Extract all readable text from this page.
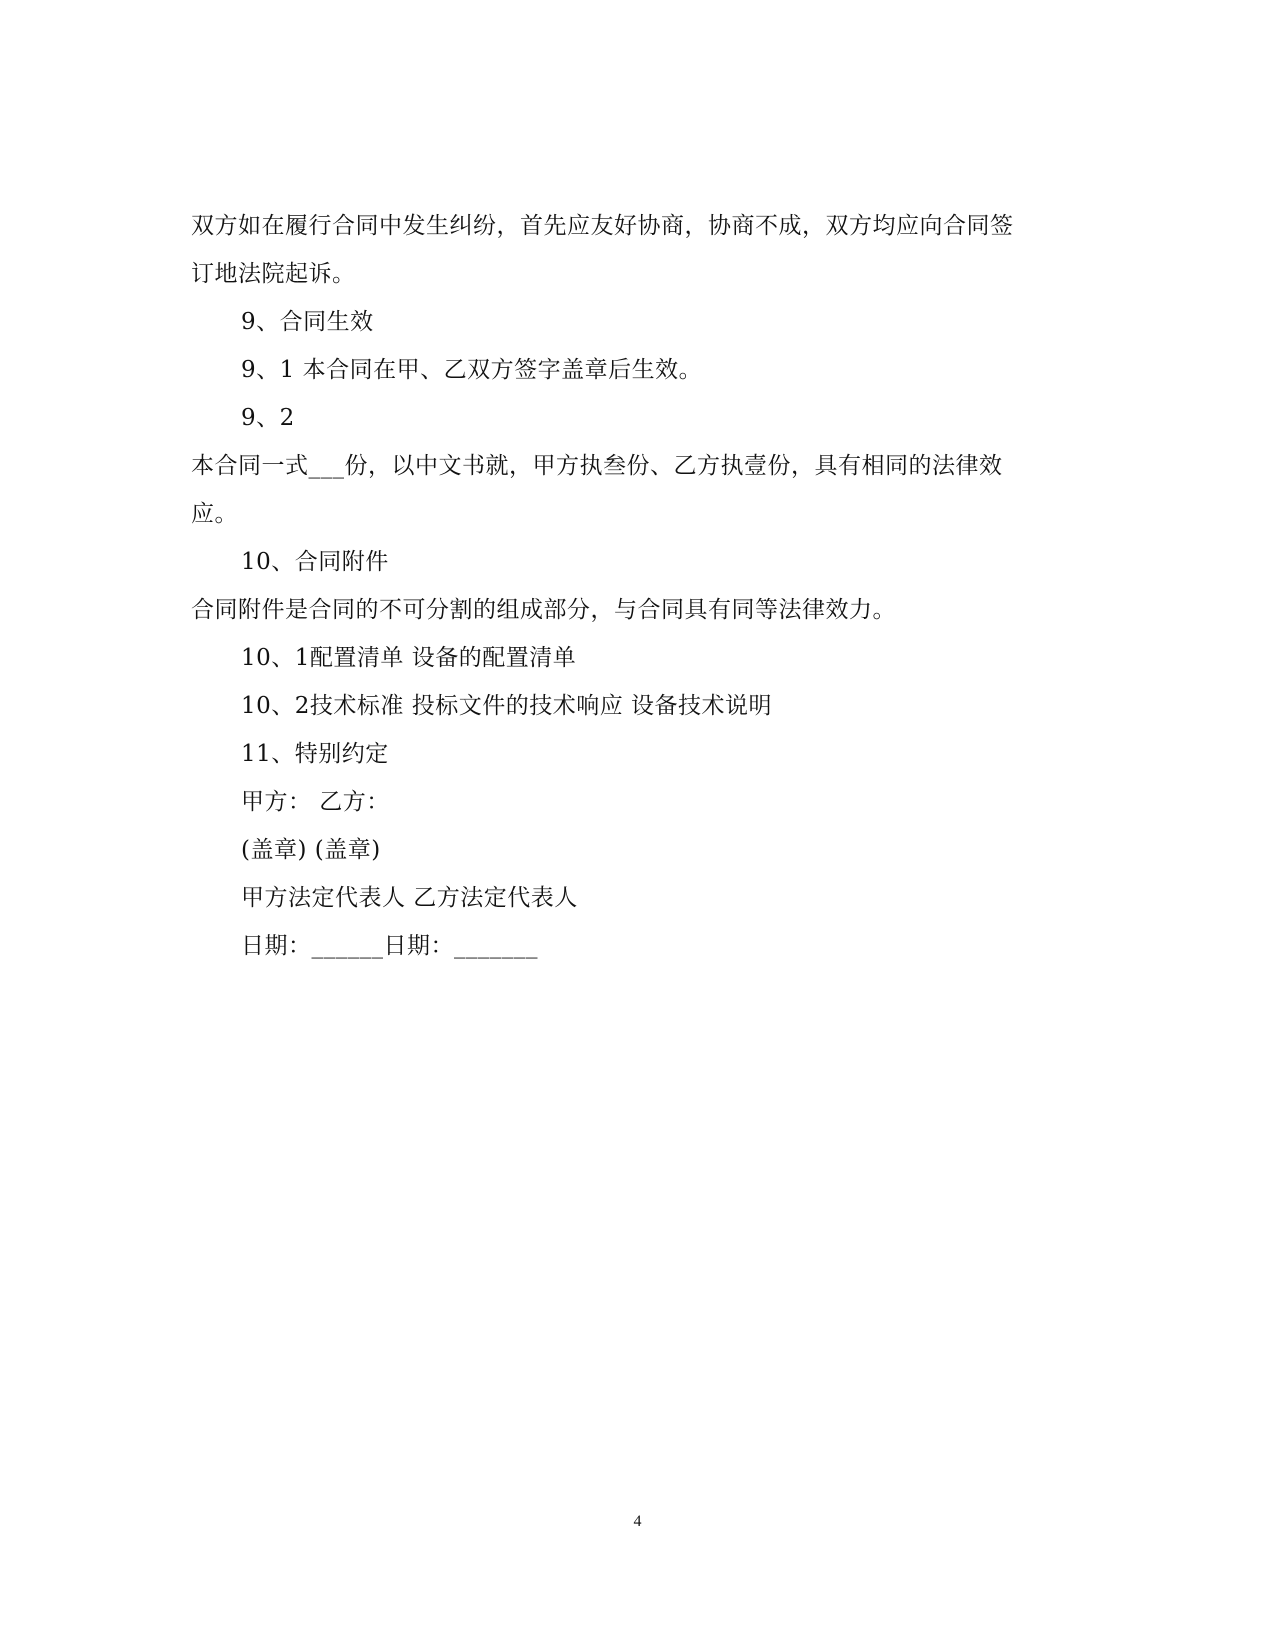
双方如在履行合同中发生纠纷，首先应友好协商，协商不成，双方均应向合同签
订地法院起诉。
9、合同生效
9、1 本合同在甲、乙双方签字盖章后生效。
9、2
本合同一式___份，以中文书就，甲方执叁份、乙方执壹份，具有相同的法律效
应。
10、合同附件
合同附件是合同的不可分割的组成部分，与合同具有同等法律效力。
10、1配置清单 设备的配置清单
10、2技术标准 投标文件的技术响应 设备技术说明
11、特别约定
甲方： 乙方：
(盖章) (盖章)
甲方法定代表人 乙方法定代表人
日期：______日期：_______
4
